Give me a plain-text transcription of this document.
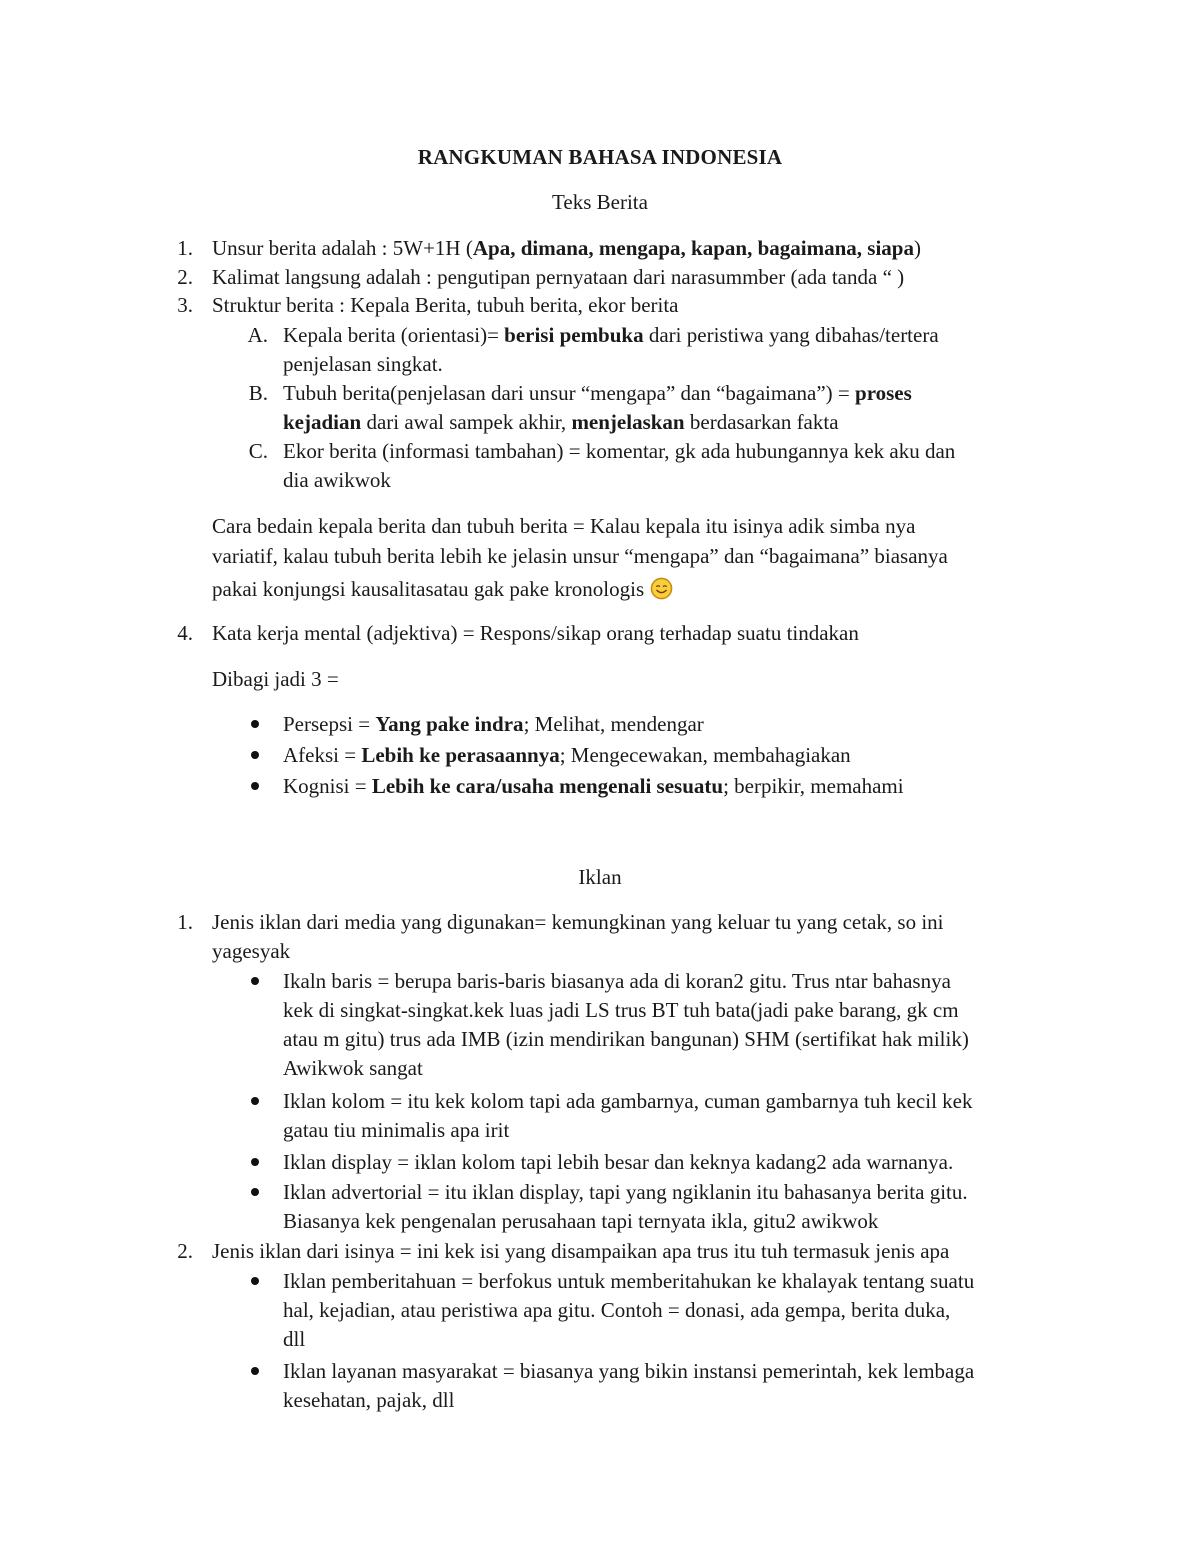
RANGKUMAN BAHASA INDONESIA
Teks Berita
1. Unsur berita adalah : 5W+1H (Apa, dimana, mengapa, kapan, bagaimana, siapa)
2. Kalimat langsung adalah : pengutipan pernyataan dari narasummber (ada tanda “ )
3. Struktur berita : Kepala Berita, tubuh berita, ekor berita
A. Kepala berita (orientasi)= berisi pembuka dari peristiwa yang dibahas/tertera
penjelasan singkat.
B. Tubuh berita(penjelasan dari unsur “mengapa” dan “bagaimana”) = proses
kejadian dari awal sampek akhir, menjelaskan berdasarkan fakta
C. Ekor berita (informasi tambahan) = komentar, gk ada hubungannya kek aku dan
dia awikwok
Cara bedain kepala berita dan tubuh berita = Kalau kepala itu isinya adik simba nya
variatif, kalau tubuh berita lebih ke jelasin unsur “mengapa” dan “bagaimana” biasanya
pakai konjungsi kausalitasatau gak pake kronologis
4. Kata kerja mental (adjektiva) = Respons/sikap orang terhadap suatu tindakan
Dibagi jadi 3 =
Persepsi = Yang pake indra; Melihat, mendengar
Afeksi = Lebih ke perasaannya; Mengecewakan, membahagiakan
Kognisi = Lebih ke cara/usaha mengenali sesuatu; berpikir, memahami
Iklan
1. Jenis iklan dari media yang digunakan= kemungkinan yang keluar tu yang cetak, so ini
yagesyak
Ikaln baris = berupa baris-baris biasanya ada di koran2 gitu. Trus ntar bahasnya
kek di singkat-singkat.kek luas jadi LS trus BT tuh bata(jadi pake barang, gk cm
atau m gitu) trus ada IMB (izin mendirikan bangunan) SHM (sertifikat hak milik)
Awikwok sangat
Iklan kolom = itu kek kolom tapi ada gambarnya, cuman gambarnya tuh kecil kek
gatau tiu minimalis apa irit
Iklan display = iklan kolom tapi lebih besar dan keknya kadang2 ada warnanya.
Iklan advertorial = itu iklan display, tapi yang ngiklanin itu bahasanya berita gitu.
Biasanya kek pengenalan perusahaan tapi ternyata ikla, gitu2 awikwok
2. Jenis iklan dari isinya = ini kek isi yang disampaikan apa trus itu tuh termasuk jenis apa
Iklan pemberitahuan = berfokus untuk memberitahukan ke khalayak tentang suatu
hal, kejadian, atau peristiwa apa gitu. Contoh = donasi, ada gempa, berita duka,
dll
Iklan layanan masyarakat = biasanya yang bikin instansi pemerintah, kek lembaga
kesehatan, pajak, dll
